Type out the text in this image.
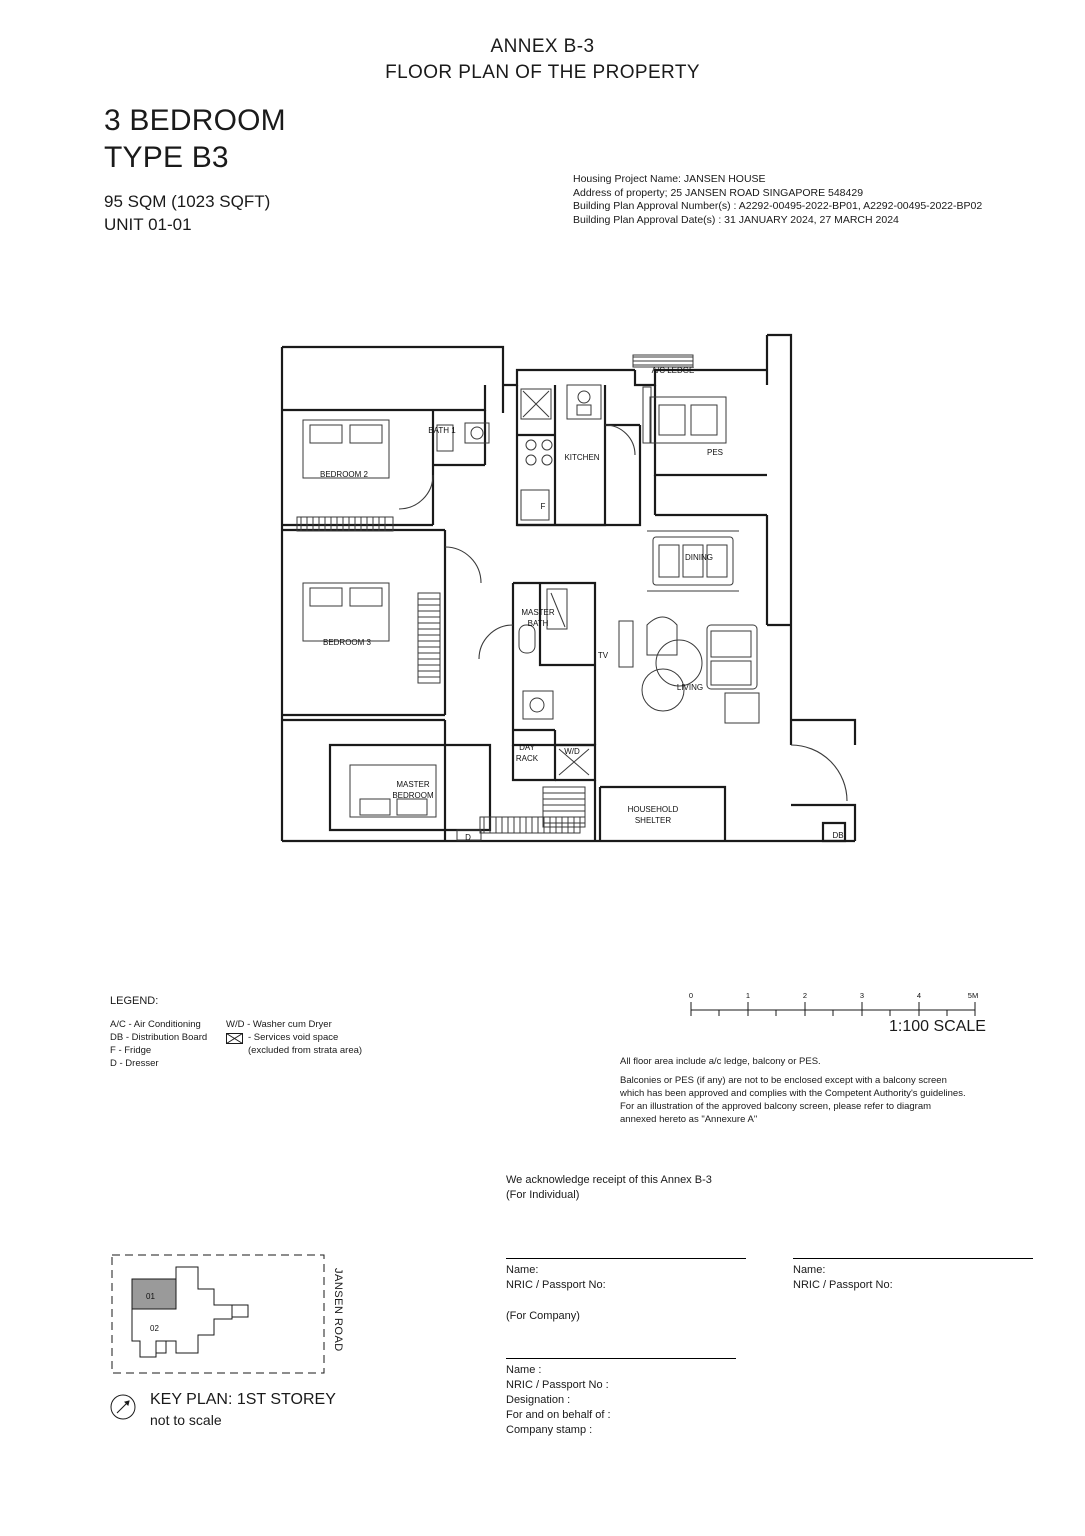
ANNEX B-3
FLOOR PLAN OF THE PROPERTY
3 BEDROOM
TYPE B3
95 SQM (1023 SQFT)
UNIT 01-01
Housing Project Name: JANSEN HOUSE
Address of property; 25 JANSEN ROAD SINGAPORE 548429
Building Plan Approval Number(s) : A2292-00495-2022-BP01, A2292-00495-2022-BP02
Building Plan Approval Date(s) : 31 JANUARY 2024, 27 MARCH 2024
A/C LEDGE
BATH 1
BEDROOM 2
KITCHEN
PES
DINING
BEDROOM 3
MASTER
BATH
LIVING
TV
DAY
RACK
W/D
MASTER
BEDROOM
HOUSEHOLD
SHELTER
D
F
DB
LEGEND:
A/C - Air Conditioning
DB - Distribution Board
F - Fridge
D - Dresser
W/D - Washer cum Dryer
- Services void space
(excluded from strata area)
0	1	2	3	4	5M
1:100 SCALE
All floor area include a/c ledge, balcony or PES.
Balconies or PES (if any) are not to be enclosed except with a balcony screen which has been approved and complies with the Competent Authority's guidelines. For an illustration of the approved balcony screen, please refer to diagram annexed hereto as "Annexure A"
We acknowledge receipt of this Annex B-3
(For Individual)
Name:
NRIC / Passport No:
(For Company)
Name:
NRIC / Passport No:
Name :
NRIC / Passport No :
Designation :
For and on behalf of :
Company stamp :
01
02	JANSEN ROAD
KEY PLAN: 1ST STOREY
not to scale
